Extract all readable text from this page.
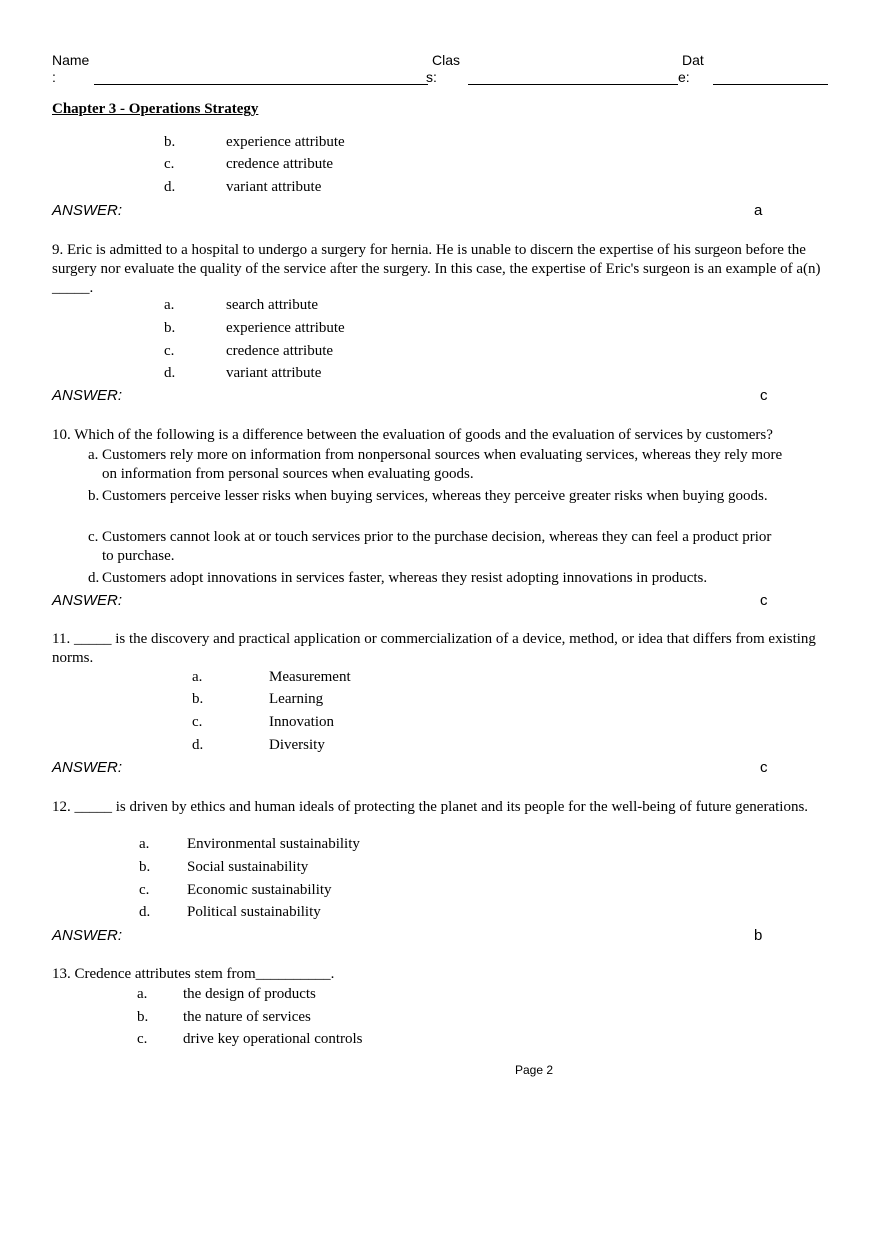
Name
:
Clas
s:
Dat
e:
Chapter 3 - Operations Strategy
b.	experience attribute
c.	credence attribute
d.	variant attribute
ANSWER:	a
9. Eric is admitted to a hospital to undergo a surgery for hernia. He is unable to discern the expertise of his surgeon before the surgery nor evaluate the quality of the service after the surgery. In this case, the expertise of Eric's surgeon is an example of a(n) _____.
a.	search attribute
b.	experience attribute
c.	credence attribute
d.	variant attribute
ANSWER:	c
10. Which of the following is a difference between the evaluation of goods and the evaluation of services by customers?
a. Customers rely more on information from nonpersonal sources when evaluating services, whereas they rely more on information from personal sources when evaluating goods.
b. Customers perceive lesser risks when buying services, whereas they perceive greater risks when buying goods.
c. Customers cannot look at or touch services prior to the purchase decision, whereas they can feel a product prior to purchase.
d. Customers adopt innovations in services faster, whereas they resist adopting innovations in products.
ANSWER:	c
11. _____ is the discovery and practical application or commercialization of a device, method, or idea that differs from existing norms.
a.	Measurement
b.	Learning
c.	Innovation
d.	Diversity
ANSWER:	c
12. _____ is driven by ethics and human ideals of protecting the planet and its people for the well-being of future generations.
a.	Environmental sustainability
b. Social sustainability
c.	Economic sustainability
d. Political sustainability
ANSWER:	b
13. Credence attributes stem from__________.
a. the design of products
b. the nature of services
c. drive key operational controls
Page 2
